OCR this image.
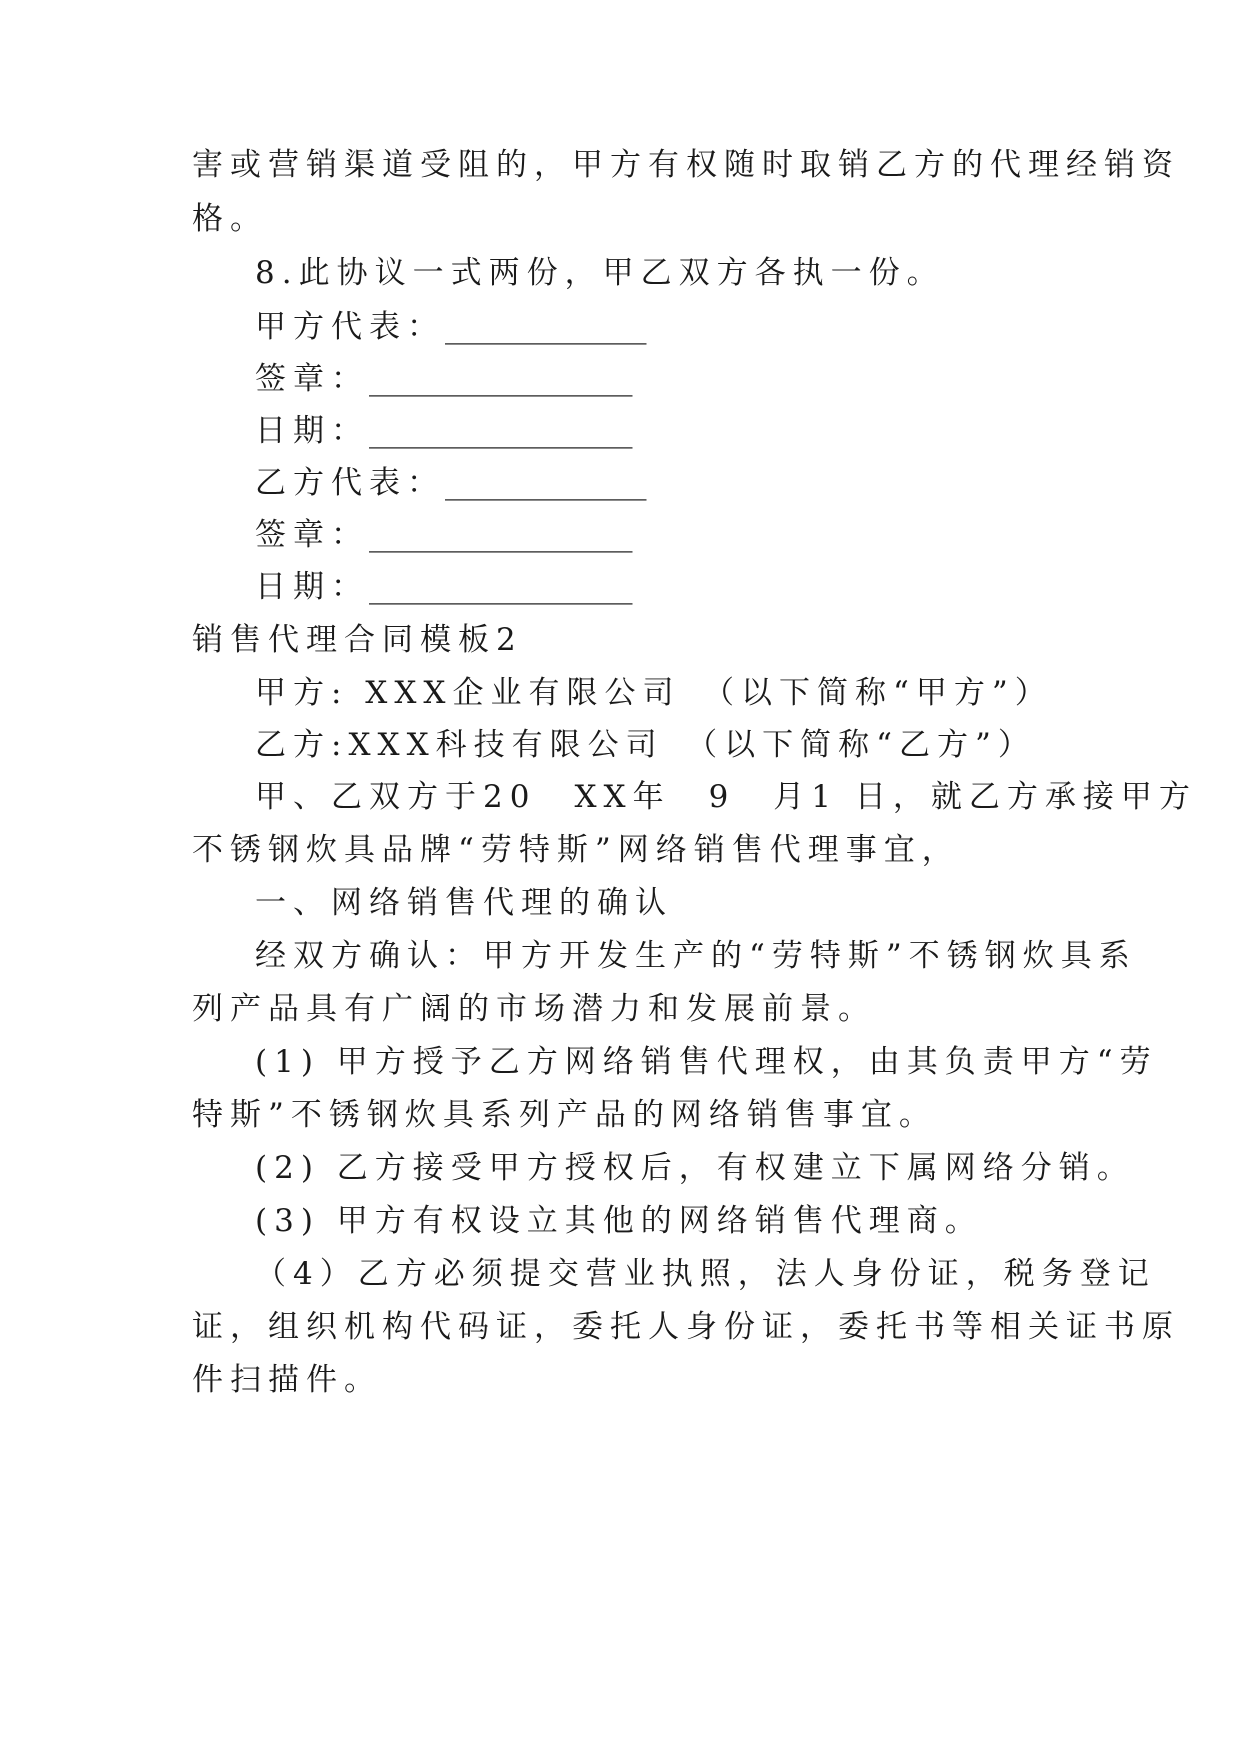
害或营销渠道受阻的，甲方有权随时取销乙方的代理经销资
格。
8.此协议一式两份，甲乙双方各执一份。
甲方代表：_____________
签章：_________________
日期：_________________
乙方代表：_____________
签章：_________________
日期：_________________
销售代理合同模板2
甲方: XXX企业有限公司　（以下简称“甲方”）
乙方:XXX科技有限公司　（以下简称“乙方”）
甲、乙双方于20　XX年　9　月1 日，就乙方承接甲方
不锈钢炊具品牌“劳特斯”网络销售代理事宜，
一、网络销售代理的确认
经双方确认：甲方开发生产的“劳特斯”不锈钢炊具系
列产品具有广阔的市场潜力和发展前景。
(1) 甲方授予乙方网络销售代理权，由其负责甲方“劳
特斯”不锈钢炊具系列产品的网络销售事宜。
(2) 乙方接受甲方授权后，有权建立下属网络分销。
(3) 甲方有权设立其他的网络销售代理商。
（4）乙方必须提交营业执照，法人身份证，税务登记
证，组织机构代码证，委托人身份证，委托书等相关证书原
件扫描件。
